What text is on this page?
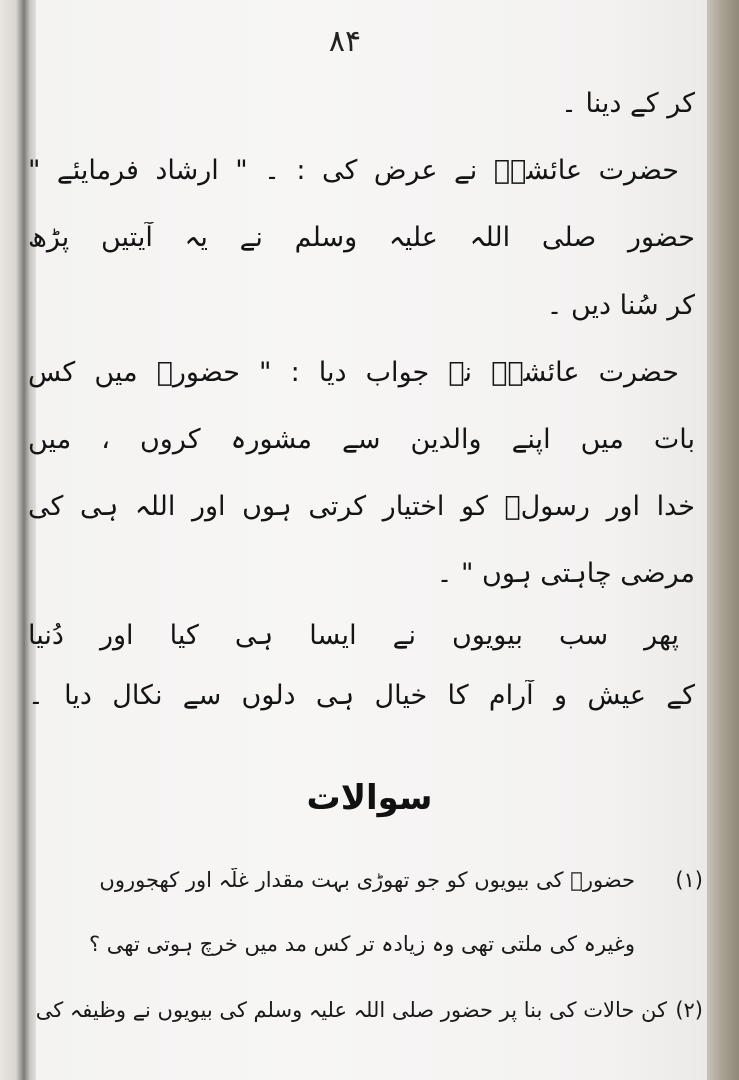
۸۴
کر کے دینا ۔
حضرت عائشہؓ نے عرض کی : ۔ " ارشاد فرمایئے "
حضور صلی اللہ علیہ وسلم نے یہ آیتیں پڑھ
کر سُنا دیں ۔
حضرت عائشہؓ نے جواب دیا : " حضورؐ میں کس
بات میں اپنے والدین سے مشورہ کروں ، میں
خدا اور رسولؐ کو اختیار کرتی ہوں اور اللہ ہی کی
مرضی چاہتی ہوں " ۔
پھر سب بیویوں نے ایسا ہی کیا اور دُنیا
کے عیش و آرام کا خیال ہی دلوں سے نکال دیا ۔
سوالات
(۱)
حضورؐ کی بیویوں کو جو تھوڑی بہت مقدار غلّہ اور کھجوروں
وغیرہ کی ملتی تھی وہ زیادہ تر کس مد میں خرچ ہوتی تھی ؟
(۲)
کن حالات کی بنا پر حضور صلی اللہ علیہ وسلم کی بیویوں نے وظیفہ کی
